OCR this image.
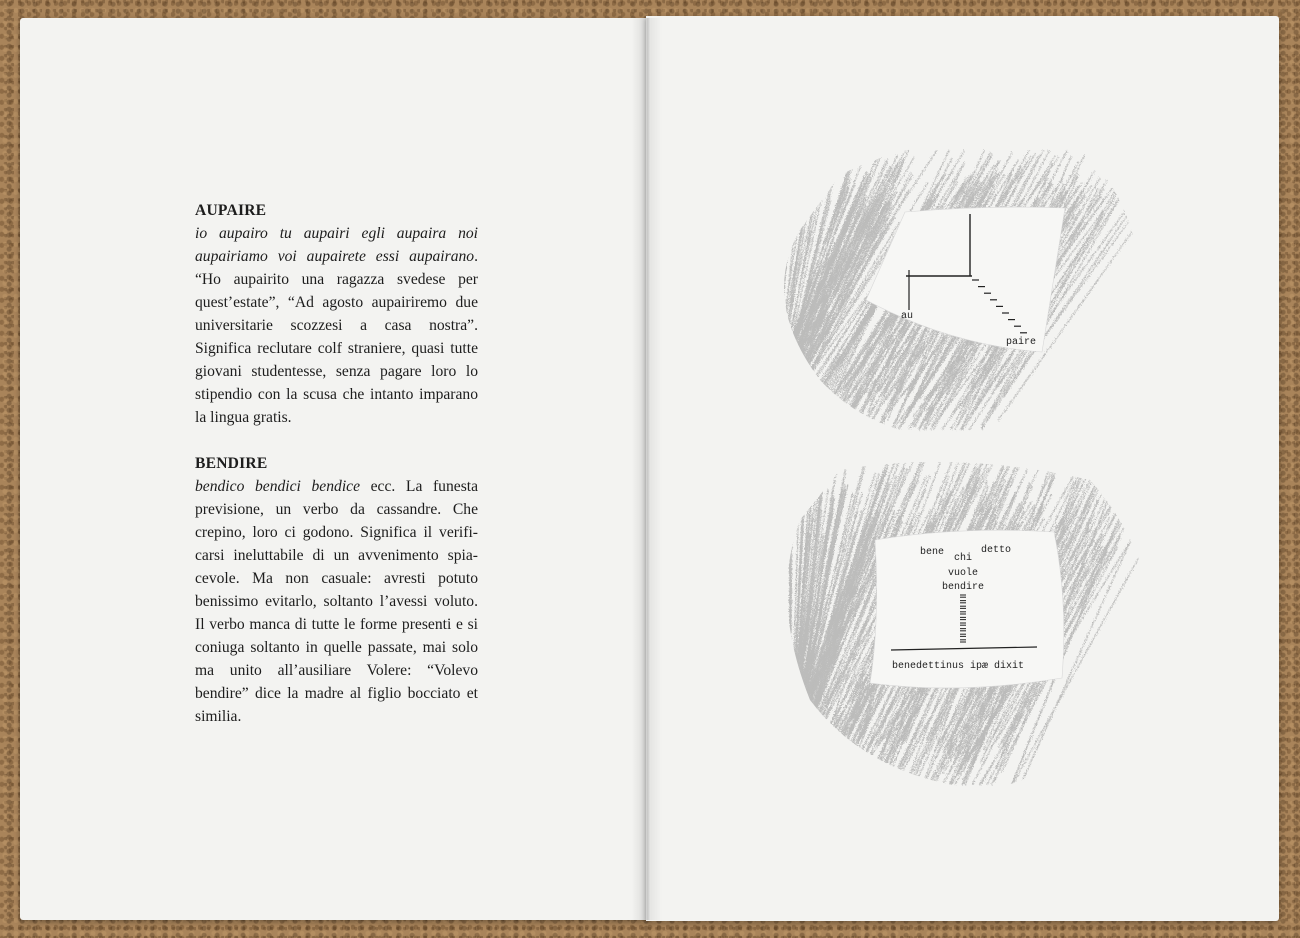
AUPAIRE
io aupairo tu aupairi egli aupaira noi aupairiamo voi aupairete essi aupairano. “Ho aupairito una ragazza svedese per quest’estate”, “Ad agosto aupairiremo due universitarie scozzesi a casa nostra”. Significa reclutare colf straniere, quasi tutte giovani studentesse, senza pagare loro lo stipendio con la scusa che intanto imparano la lingua gratis.
BENDIRE
bendico bendici bendice ecc. La funesta previsione, un verbo da cassandre. Che crepino, loro ci godono. Significa il verificarsi ineluttabile di un avvenimento spiacevole. Ma non casuale: avresti potuto benissimo evitarlo, soltanto l’avessi voluto. Il verbo manca di tutte le forme presenti e si coniuga soltanto in quelle passate, mai solo ma unito all’ausiliare Volere: “Volevo bendire” dice la madre al figlio bocciato et similia.
au
paire
bene	detto
chi
vuole
bendire
benedettinus ipæ dixit
